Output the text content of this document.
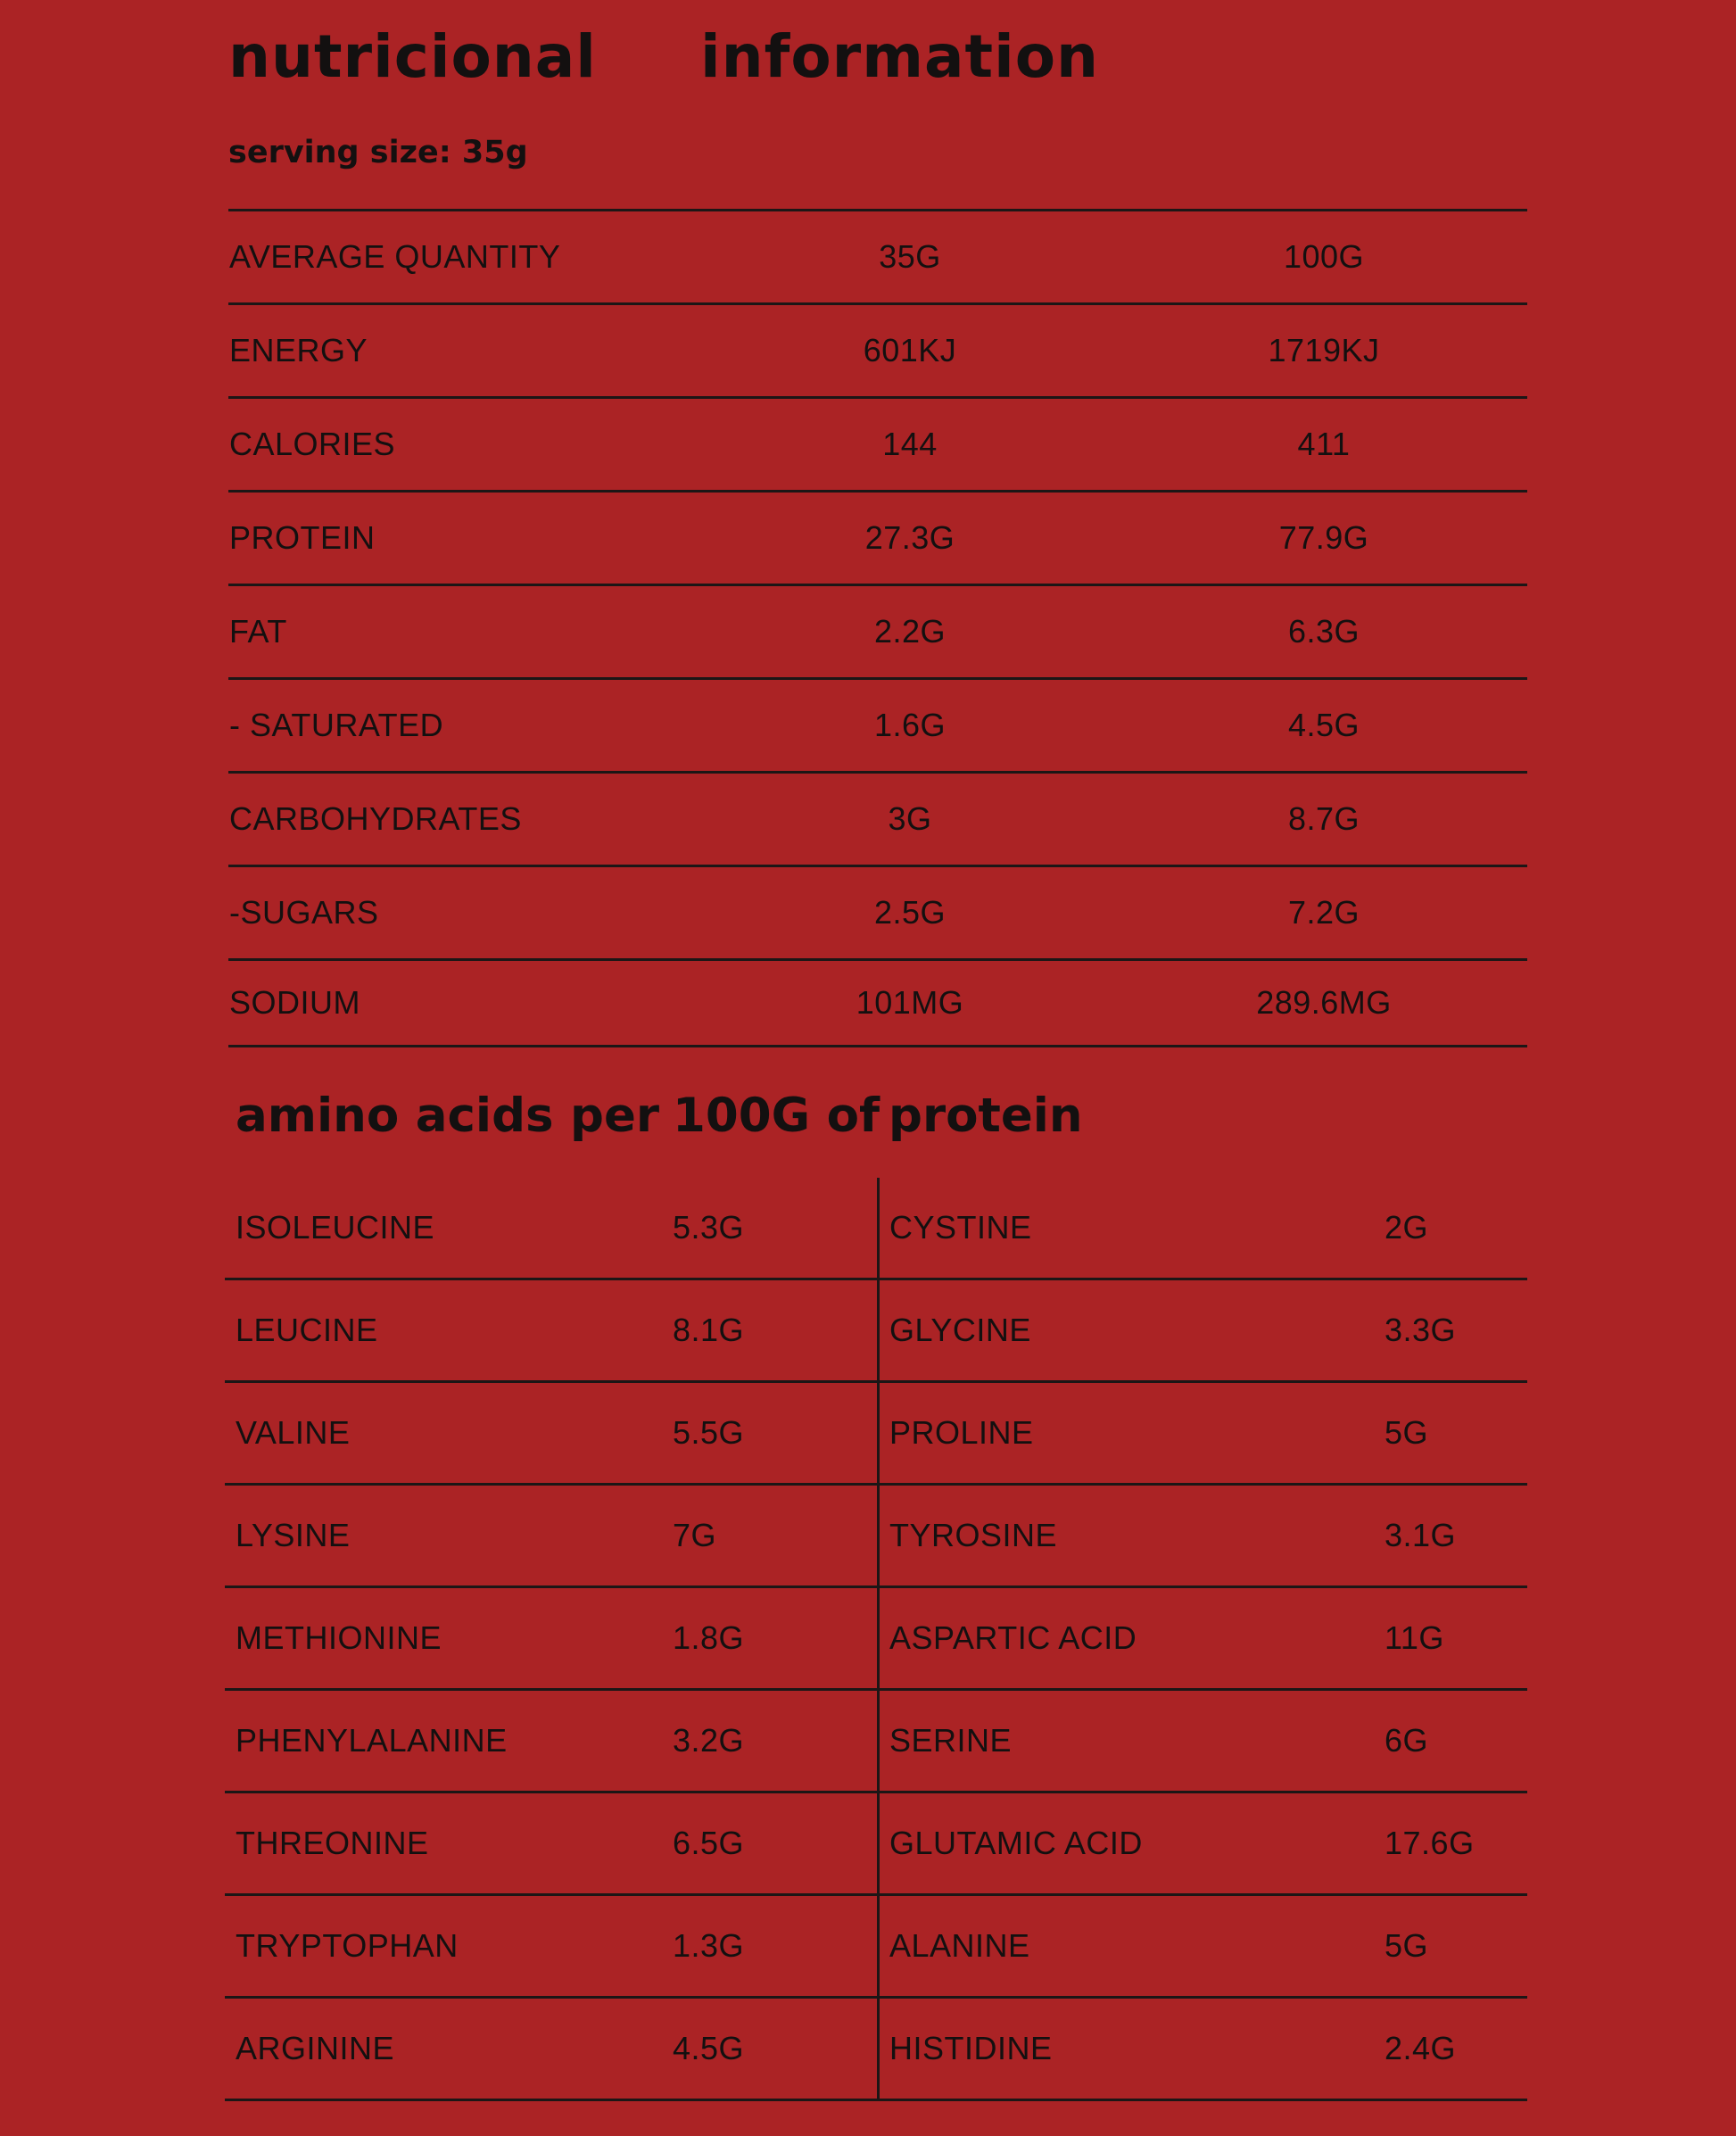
nutricional information
serving size: 35g
AVERAGE QUANTITY	35G	100G
ENERGY	601KJ	1719KJ
CALORIES	144	411
PROTEIN	27.3G	77.9G
FAT	2.2G	6.3G
- SATURATED	1.6G	4.5G
CARBOHYDRATES	3G	8.7G
-SUGARS	2.5G	7.2G
SODIUM	101MG	289.6MG
amino acids per 100G of protein
ISOLEUCINE	5.3G	CYSTINE	2G
LEUCINE	8.1G	GLYCINE	3.3G
VALINE	5.5G	PROLINE	5G
LYSINE	7G	TYROSINE	3.1G
METHIONINE	1.8G	ASPARTIC ACID	11G
PHENYLALANINE	3.2G	SERINE	6G
THREONINE	6.5G	GLUTAMIC ACID	17.6G
TRYPTOPHAN	1.3G	ALANINE	5G
ARGININE	4.5G	HISTIDINE	2.4G
